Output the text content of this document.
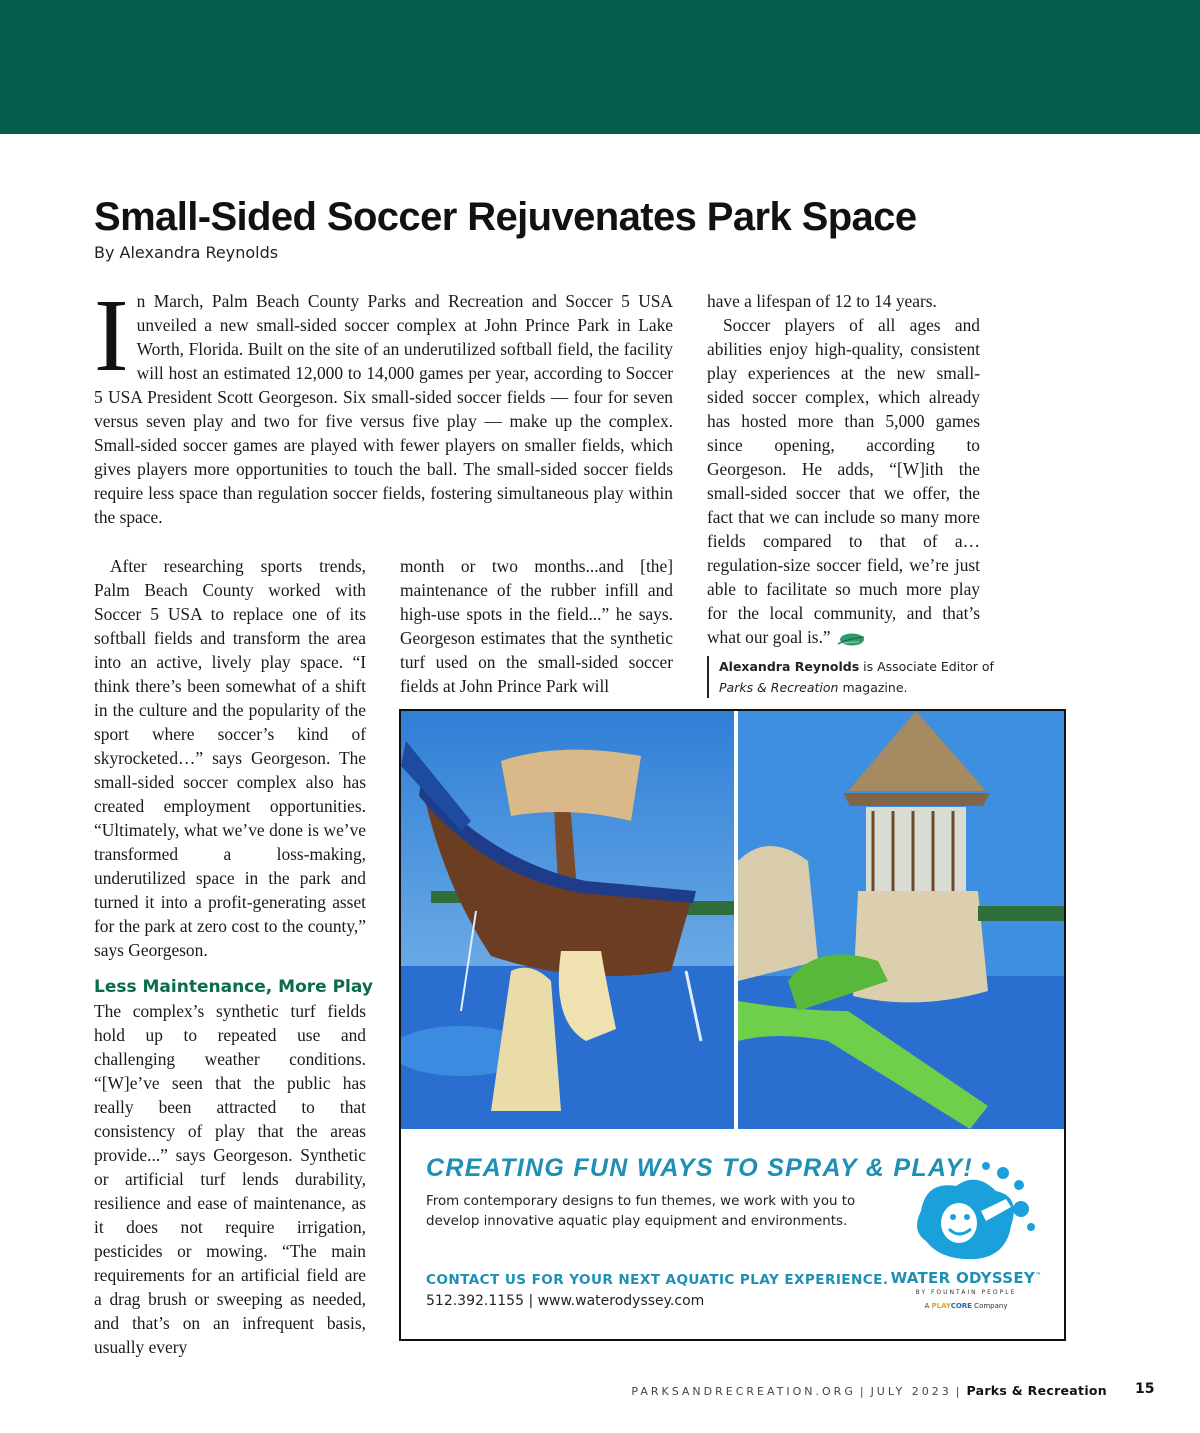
Small-Sided Soccer Rejuvenates Park Space
By Alexandra Reynolds
In March, Palm Beach County Parks and Recreation and Soccer 5 USA unveiled a new small-sided soccer complex at John Prince Park in Lake Worth, Florida. Built on the site of an underutilized softball field, the facility will host an estimated 12,000 to 14,000 games per year, according to Soccer 5 USA President Scott Georgeson. Six small-sided soccer fields — four for seven versus seven play and two for five versus five play — make up the complex. Small-sided soccer games are played with fewer players on smaller fields, which gives players more opportunities to touch the ball. The small-sided soccer fields require less space than regulation soccer fields, fostering simultaneous play within the space.

have a lifespan of 12 to 14 years.

Soccer players of all ages and abilities enjoy high-quality, consistent play experiences at the new small-sided soccer complex, which already has hosted more than 5,000 games since opening, according to Georgeson. He adds, “[W]ith the small-sided soccer that we offer, the fact that we can include so many more fields compared to that of a…regulation-size soccer field, we’re just able to facilitate so much more play for the local community, and that’s what our goal is.”

Alexandra Reynolds is Associate Editor of Parks & Recreation magazine.

After researching sports trends, Palm Beach County worked with Soccer 5 USA to replace one of its softball fields and transform the area into an active, lively play space. “I think there’s been somewhat of a shift in the culture and the popularity of the sport where soccer’s kind of skyrocketed…” says Georgeson. The small-sided soccer complex also has created employment opportunities. “Ultimately, what we’ve done is we’ve transformed a loss-making, underutilized space in the park and turned it into a profit-generating asset for the park at zero cost to the county,” says Georgeson.

Less Maintenance, More Play

The complex’s synthetic turf fields hold up to repeated use and challenging weather conditions. “[W]e’ve seen that the public has really been attracted to that consistency of play that the areas provide...” says Georgeson. Synthetic or artificial turf lends durability, resilience and ease of maintenance, as it does not require irrigation, pesticides or mowing. “The main requirements for an artificial field are a drag brush or sweeping as needed, and that’s on an infrequent basis, usually every

month or two months...and [the] maintenance of the rubber infill and high-use spots in the field...” he says. Georgeson estimates that the synthetic turf used on the small-sided soccer fields at John Prince Park will

CREATING FUN WAYS TO SPRAY & PLAY!
From contemporary designs to fun themes, we work with you to develop innovative aquatic play equipment and environments.
CONTACT US FOR YOUR NEXT AQUATIC PLAY EXPERIENCE.
512.392.1155 | www.waterodyssey.com
WATER ODYSSEY™
BY FOUNTAIN PEOPLE
A PLAYCORE Company
PARKSANDRECREATION.ORG | JULY 2023 | Parks & Recreation 15
